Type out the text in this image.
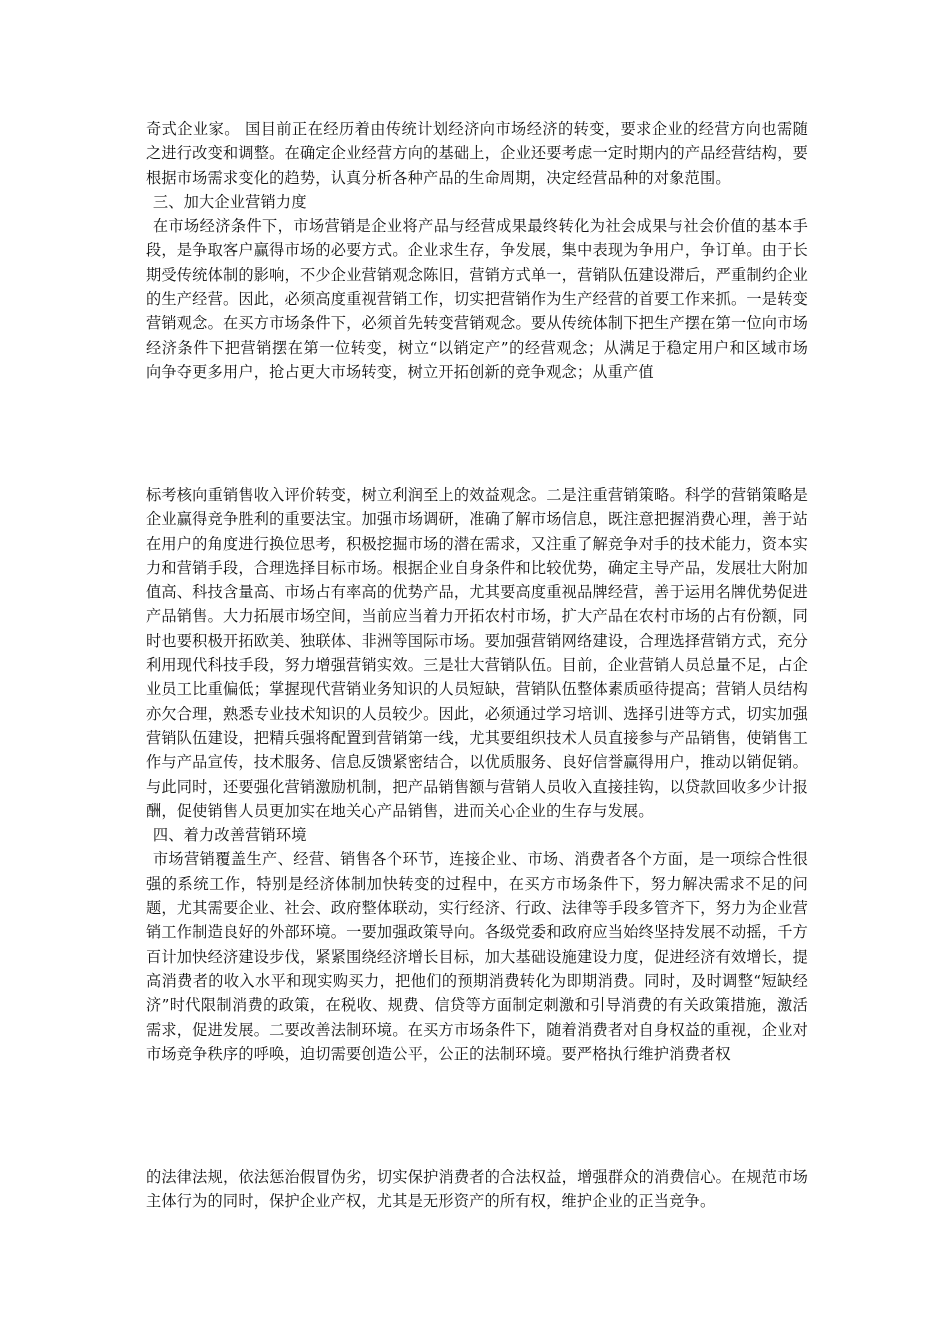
奇式企业家。 国目前正在经历着由传统计划经济向市场经济的转变，要求企业的经营方向也需随之进行改变和调整。在确定企业经营方向的基础上，企业还要考虑一定时期内的产品经营结构，要根据市场需求变化的趋势，认真分析各种产品的生命周期，决定经营品种的对象范围。

三、加大企业营销力度

在市场经济条件下，市场营销是企业将产品与经营成果最终转化为社会成果与社会价值的基本手段，是争取客户赢得市场的必要方式。企业求生存，争发展，集中表现为争用户，争订单。由于长期受传统体制的影响，不少企业营销观念陈旧，营销方式单一，营销队伍建设滞后，严重制约企业的生产经营。因此，必须高度重视营销工作，切实把营销作为生产经营的首要工作来抓。一是转变营销观念。在买方市场条件下，必须首先转变营销观念。要从传统体制下把生产摆在第一位向市场经济条件下把营销摆在第一位转变，树立“以销定产”的经营观念；从满足于稳定用户和区域市场向争夺更多用户，抢占更大市场转变，树立开拓创新的竞争观念；从重产值

标考核向重销售收入评价转变，树立利润至上的效益观念。二是注重营销策略。科学的营销策略是企业赢得竞争胜利的重要法宝。加强市场调研，准确了解市场信息，既注意把握消费心理，善于站在用户的角度进行换位思考，积极挖掘市场的潜在需求，又注重了解竞争对手的技术能力，资本实力和营销手段，合理选择目标市场。根据企业自身条件和比较优势，确定主导产品，发展壮大附加值高、科技含量高、市场占有率高的优势产品，尤其要高度重视品牌经营，善于运用名牌优势促进产品销售。大力拓展市场空间，当前应当着力开拓农村市场，扩大产品在农村市场的占有份额，同时也要积极开拓欧美、独联体、非洲等国际市场。要加强营销网络建设，合理选择营销方式，充分利用现代科技手段，努力增强营销实效。三是壮大营销队伍。目前，企业营销人员总量不足，占企业员工比重偏低；掌握现代营销业务知识的人员短缺，营销队伍整体素质亟待提高；营销人员结构亦欠合理，熟悉专业技术知识的人员较少。因此，必须通过学习培训、选择引进等方式，切实加强营销队伍建设，把精兵强将配置到营销第一线，尤其要组织技术人员直接参与产品销售，使销售工作与产品宣传，技术服务、信息反馈紧密结合，以优质服务、良好信誉赢得用户，推动以销促销。与此同时，还要强化营销激励机制，把产品销售额与营销人员收入直接挂钩，以贷款回收多少计报酬，促使销售人员更加实在地关心产品销售，进而关心企业的生存与发展。

四、着力改善营销环境

市场营销覆盖生产、经营、销售各个环节，连接企业、市场、消费者各个方面，是一项综合性很强的系统工作，特别是经济体制加快转变的过程中，在买方市场条件下，努力解决需求不足的问题，尤其需要企业、社会、政府整体联动，实行经济、行政、法律等手段多管齐下，努力为企业营销工作制造良好的外部环境。一要加强政策导向。各级党委和政府应当始终坚持发展不动摇，千方百计加快经济建设步伐，紧紧围绕经济增长目标，加大基础设施建设力度，促进经济有效增长，提高消费者的收入水平和现实购买力，把他们的预期消费转化为即期消费。同时，及时调整“短缺经济”时代限制消费的政策，在税收、规费、信贷等方面制定刺激和引导消费的有关政策措施，激活需求，促进发展。二要改善法制环境。在买方市场条件下，随着消费者对自身权益的重视，企业对市场竞争秩序的呼唤，迫切需要创造公平，公正的法制环境。要严格执行维护消费者权

的法律法规，依法惩治假冒伪劣，切实保护消费者的合法权益，增强群众的消费信心。在规范市场主体行为的同时，保护企业产权，尤其是无形资产的所有权，维护企业的正当竞争。
